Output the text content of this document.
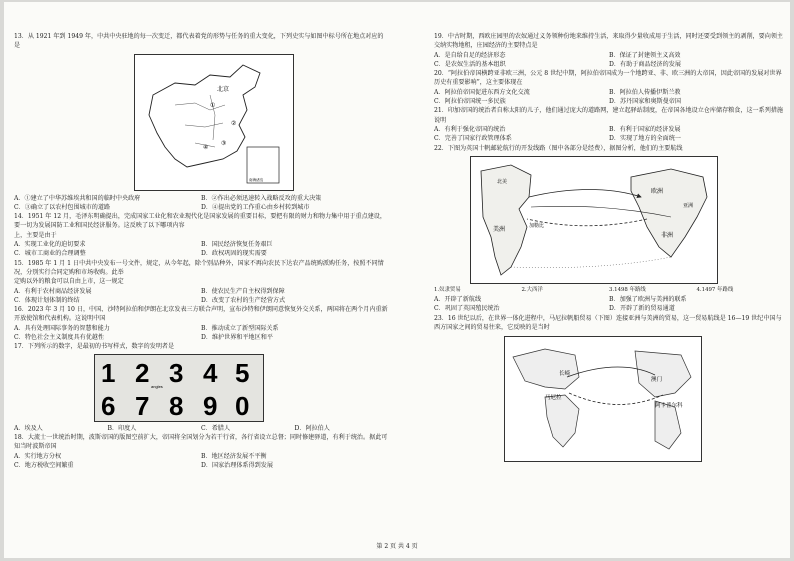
13．从 1921 年到 1949 年，中共中央驻地的每一次变迁，都代表着党的形势与任务的重大变化，下列史实与如图中标号所在地点对应的是

北京
①
②
③
④
南海诸岛
A．①建立了中华苏维埃共和国的临时中央政府	B．②作出必须迅速转入战略反攻的重大决策
C．③确立了以农村包围城市的道路	D．④提出党的工作重心由乡村转到城市

14．1951 年 12 月，毛泽东明确提出，完成国家工业化和农业现代化是国家发展的重要目标，要把有限的财力和物力集中用于重点建设，要一切为发展国防工业和国民经济服务。这反映了以下哪项内容

上，主要是由于

A．实现工业化的迫切要求	B．国民经济恢复任务艰巨
C．城市工商业的合理调整	D．政权巩固的现实需要

15．1985 年 1 月 1 日中共中央发布一号文件，规定，从今年起，除个别品种外，国家不再向农民下达农产品统购派购任务，按照不同情况，分别实行合同定购和市场收购。此举

定购以外的粮食可以自由上市，这一规定

A．有利于农村商品经济发展	B．使农民生产自主权得到保障
C．体现计划体制的终结	D．改变了农村的生产经营方式

16．2023 年 3 月 10 日，中国、沙特阿拉伯和伊朗在北京发表三方联合声明，宣布沙特和伊朗同意恢复外交关系，两国将在两个月内重新开放使馆和代表机构。这说明中国

A．具有处理国际事务的智慧和能力	B．推动成立了新型国际关系
C．特色社会主义制度具有优越性	D．维护世界和平地区和平

17．下列所示的数字，是最初的书写样式，数字的发明者是

1 2 3 4 5
6 7 8 9 0
angles
A．埃及人	B．印度人	C．希腊人	D．阿拉伯人

18．大流士一世统治时期，波斯帝国的版图空前扩大，帝国将全国划分为若干行省，各行省设立总督；同时修建驿道，有利于统治。据此可知当时波斯帝国

A．实行地方分权	B．地区经济发展不平衡
C．地方税收空间繁重	D．国家治理体系得到发展

19．中古时期，西欧庄园里的农奴通过义务领种份地来维持生活，来取得少量收成用于生活，同时还要受到领主的剥削，要向领主交纳实物地租，庄园经济的主要特点是

A．是自给自足的经济形态	B．保证了封建领主义高效
C．是农奴生活的基本组织	D．有助于商品经济的发展

20．“阿拉伯帝国横跨亚非欧三洲，公元 8 世纪中期，阿拉伯帝国成为一个地跨亚、非、欧三洲的大帝国，因此帝国的发展对世界历史有重要影响”，这主要体现在

A．阿拉伯帝国促进东西方文化交流	B．阿拉伯人传播伊斯兰教
C．阿拉伯帝国统一多民族	D．苏丹国家和奥斯曼帝国

21．印加帝国的统治者自称太阳的儿子，他们通过庞大的道路网，建立起驿站制度，在帝国各地设立仓库储存粮食，这一系列措施说明

A．有利于强化帝国的统治	B．有利于国家的经济发展
C．完善了国家行政管理体系	D．实现了地方的全面统一

22．下图为英国十帆邮轮航行的开发线路（图中各部分是经费），据图分析，他们的主要航线

欧洲
非洲
美洲	加勒比
北美
亚洲
1.奴隶贸易	2.大西洋	3.1498 年路线	4.1497 年路线
A．开辟了新航线	B．加强了欧洲与美洲的联系
C．巩固了英国殖民统治	D．开辟了新的贸易通道

23．16 世纪以后，在世界一体化进程中，马尼拉帆船贸易（下图）连接亚洲与美洲的贸易，这一贸易航线是 16—19 世纪中国与西方国家之间的贸易往来，它反映的是当时

长崎
澳门
马尼拉
阿卡普尔科
第 2 页 共 4 页
